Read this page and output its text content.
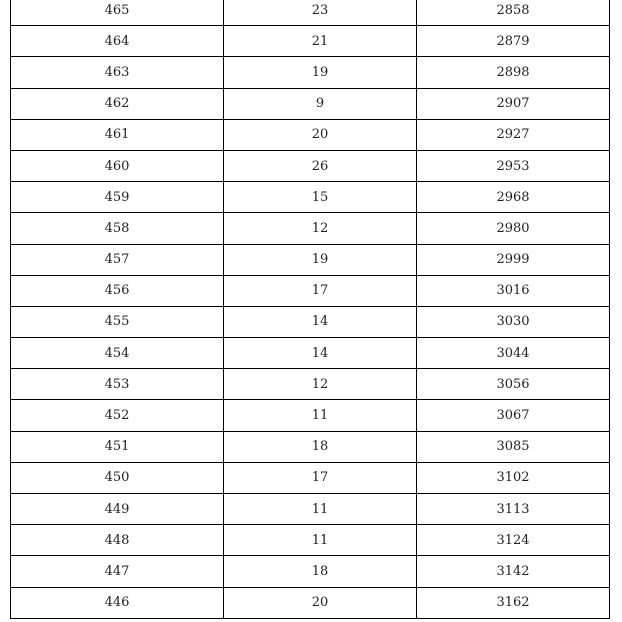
465	23	2858
464	21	2879
463	19	2898
462	9	2907
461	20	2927
460	26	2953
459	15	2968
458	12	2980
457	19	2999
456	17	3016
455	14	3030
454	14	3044
453	12	3056
452	11	3067
451	18	3085
450	17	3102
449	11	3113
448	11	3124
447	18	3142
446	20	3162
